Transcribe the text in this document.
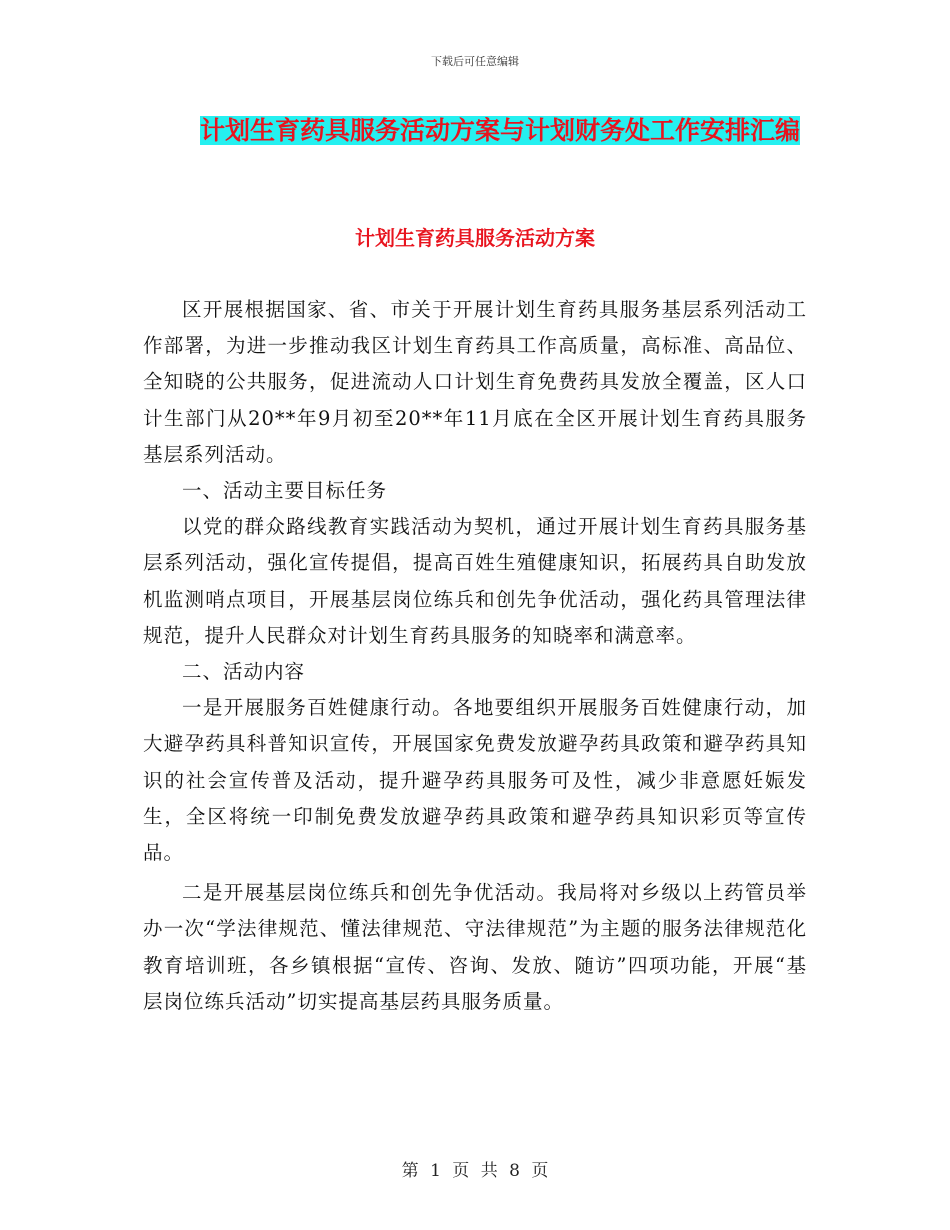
下载后可任意编辑
计划生育药具服务活动方案与计划财务处工作安排汇编
计划生育药具服务活动方案

区开展根据国家、省、市关于开展计划生育药具服务基层系列活动工作部署，为进一步推动我区计划生育药具工作高质量，高标准、高品位、全知晓的公共服务，促进流动人口计划生育免费药具发放全覆盖，区人口计生部门从20**年9月初至20**年11月底在全区开展计划生育药具服务基层系列活动。

一、活动主要目标任务

以党的群众路线教育实践活动为契机，通过开展计划生育药具服务基层系列活动，强化宣传提倡，提高百姓生殖健康知识，拓展药具自助发放机监测哨点项目，开展基层岗位练兵和创先争优活动，强化药具管理法律规范，提升人民群众对计划生育药具服务的知晓率和满意率。

二、活动内容

一是开展服务百姓健康行动。各地要组织开展服务百姓健康行动，加大避孕药具科普知识宣传，开展国家免费发放避孕药具政策和避孕药具知识的社会宣传普及活动，提升避孕药具服务可及性，减少非意愿妊娠发生，全区将统一印制免费发放避孕药具政策和避孕药具知识彩页等宣传品。

二是开展基层岗位练兵和创先争优活动。我局将对乡级以上药管员举办一次“学法律规范、懂法律规范、守法律规范”为主题的服务法律规范化教育培训班，各乡镇根据“宣传、咨询、发放、随访”四项功能，开展“基层岗位练兵活动”切实提高基层药具服务质量。

第 1 页 共 8 页
